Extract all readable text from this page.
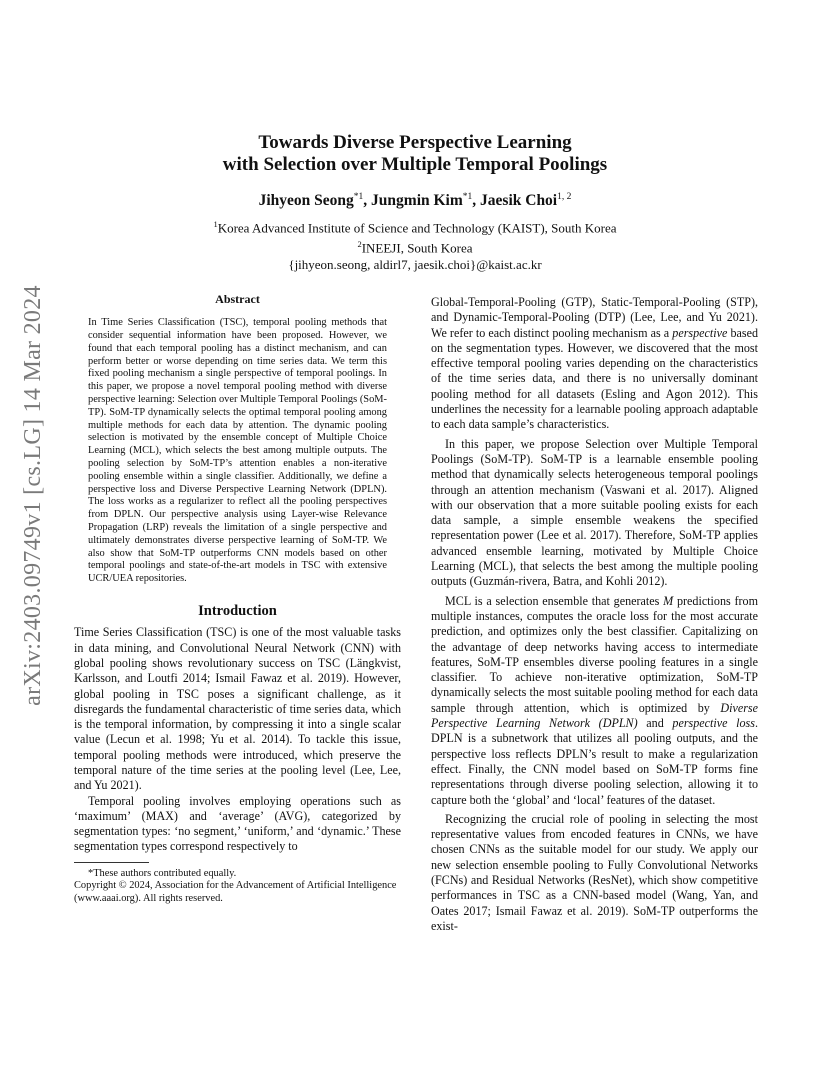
arXiv:2403.09749v1 [cs.LG] 14 Mar 2024
Towards Diverse Perspective Learning
with Selection over Multiple Temporal Poolings
Jihyeon Seong$^{*1}$, Jungmin Kim$^{*1}$, Jaesik Choi$^{1, 2}$
$^1$Korea Advanced Institute of Science and Technology (KAIST), South Korea
$^2$INEEJI, South Korea
{jihyeon.seong, aldirl7, jaesik.choi}@kaist.ac.kr
Abstract

In Time Series Classification (TSC), temporal pooling methods that consider sequential information have been proposed. However, we found that each temporal pooling has a distinct mechanism, and can perform better or worse depending on time series data. We term this fixed pooling mechanism a single perspective of temporal poolings. In this paper, we propose a novel temporal pooling method with diverse perspective learning: Selection over Multiple Temporal Poolings (SoM-TP). SoM-TP dynamically selects the optimal temporal pooling among multiple methods for each data by attention. The dynamic pooling selection is motivated by the ensemble concept of Multiple Choice Learning (MCL), which selects the best among multiple outputs. The pooling selection by SoM-TP’s attention enables a non-iterative pooling ensemble within a single classifier. Additionally, we define a perspective loss and Diverse Perspective Learning Network (DPLN). The loss works as a regularizer to reflect all the pooling perspectives from DPLN. Our perspective analysis using Layer-wise Relevance Propagation (LRP) reveals the limitation of a single perspective and ultimately demonstrates diverse perspective learning of SoM-TP. We also show that SoM-TP outperforms CNN models based on other temporal poolings and state-of-the-art models in TSC with extensive UCR/UEA repositories.

Introduction

Time Series Classification (TSC) is one of the most valuable tasks in data mining, and Convolutional Neural Network (CNN) with global pooling shows revolutionary success on TSC (Längkvist, Karlsson, and Loutfi 2014; Ismail Fawaz et al. 2019). However, global pooling in TSC poses a significant challenge, as it disregards the fundamental characteristic of time series data, which is the temporal information, by compressing it into a single scalar value (Lecun et al. 1998; Yu et al. 2014). To tackle this issue, temporal pooling methods were introduced, which preserve the temporal nature of the time series at the pooling level (Lee, Lee, and Yu 2021).

Temporal pooling involves employing operations such as ‘maximum’ (MAX) and ‘average’ (AVG), categorized by segmentation types: ‘no segment,’ ‘uniform,’ and ‘dynamic.’ These segmentation types correspond respectively to

*These authors contributed equally.
Copyright © 2024, Association for the Advancement of Artificial Intelligence (www.aaai.org). All rights reserved.

Global-Temporal-Pooling (GTP), Static-Temporal-Pooling (STP), and Dynamic-Temporal-Pooling (DTP) (Lee, Lee, and Yu 2021). We refer to each distinct pooling mechanism as a perspective based on the segmentation types. However, we discovered that the most effective temporal pooling varies depending on the characteristics of the time series data, and there is no universally dominant pooling method for all datasets (Esling and Agon 2012). This underlines the necessity for a learnable pooling approach adaptable to each data sample’s characteristics.

In this paper, we propose Selection over Multiple Temporal Poolings (SoM-TP). SoM-TP is a learnable ensemble pooling method that dynamically selects heterogeneous temporal poolings through an attention mechanism (Vaswani et al. 2017). Aligned with our observation that a more suitable pooling exists for each data sample, a simple ensemble weakens the specified representation power (Lee et al. 2017). Therefore, SoM-TP applies advanced ensemble learning, motivated by Multiple Choice Learning (MCL), that selects the best among the multiple pooling outputs (Guzmán-rivera, Batra, and Kohli 2012).

MCL is a selection ensemble that generates M predictions from multiple instances, computes the oracle loss for the most accurate prediction, and optimizes only the best classifier. Capitalizing on the advantage of deep networks having access to intermediate features, SoM-TP ensembles diverse pooling features in a single classifier. To achieve non-iterative optimization, SoM-TP dynamically selects the most suitable pooling method for each data sample through attention, which is optimized by Diverse Perspective Learning Network (DPLN) and perspective loss. DPLN is a subnetwork that utilizes all pooling outputs, and the perspective loss reflects DPLN’s result to make a regularization effect. Finally, the CNN model based on SoM-TP forms fine representations through diverse pooling selection, allowing it to capture both the ‘global’ and ‘local’ features of the dataset.

Recognizing the crucial role of pooling in selecting the most representative values from encoded features in CNNs, we have chosen CNNs as the suitable model for our study. We apply our new selection ensemble pooling to Fully Convolutional Networks (FCNs) and Residual Networks (ResNet), which show competitive performances in TSC as a CNN-based model (Wang, Yan, and Oates 2017; Ismail Fawaz et al. 2019). SoM-TP outperforms the exist-
